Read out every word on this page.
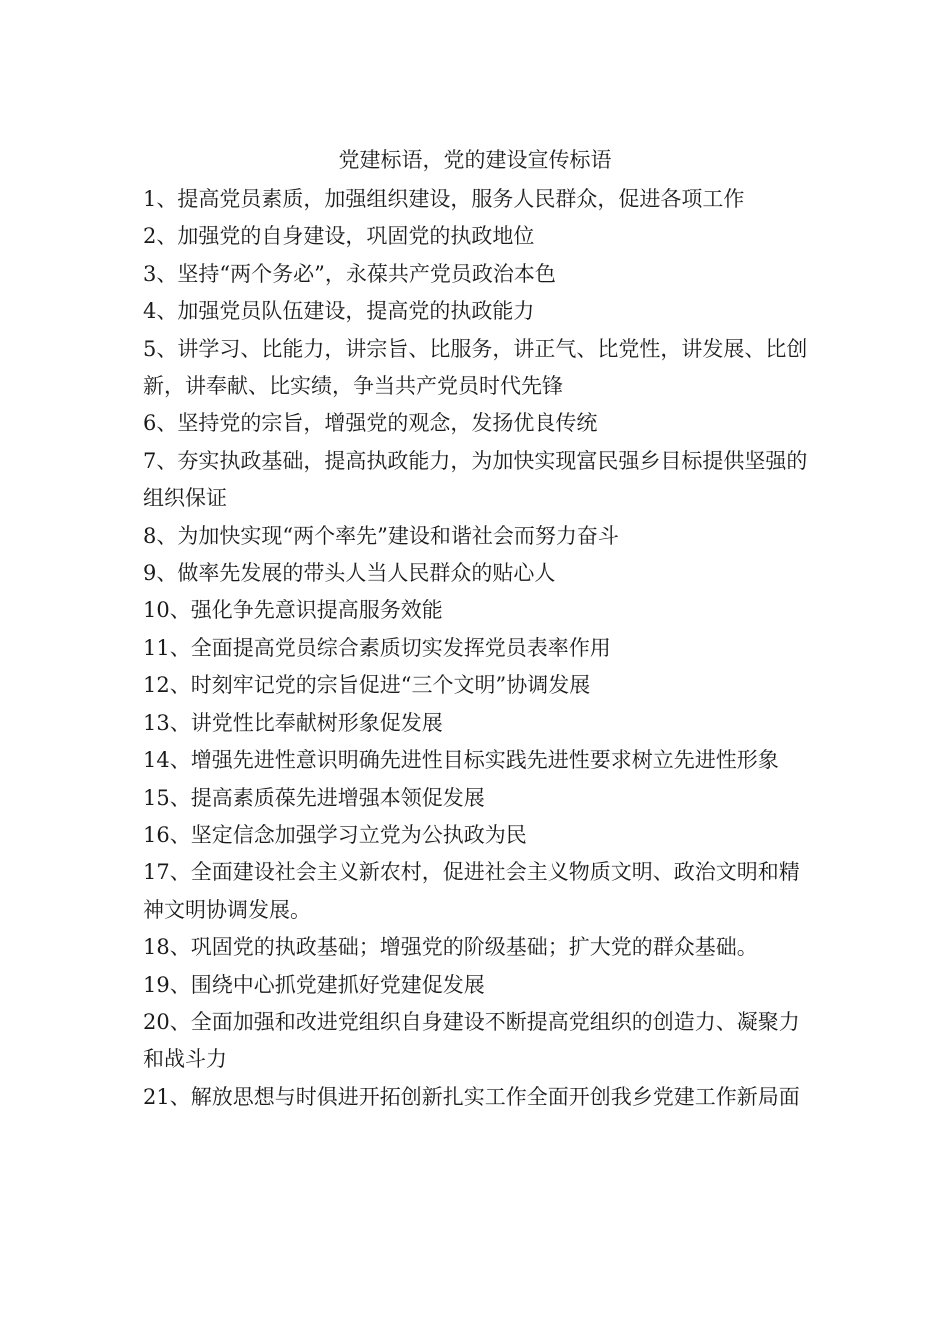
党建标语，党的建设宣传标语
1、提高党员素质，加强组织建设，服务人民群众，促进各项工作
2、加强党的自身建设，巩固党的执政地位
3、坚持“两个务必”，永葆共产党员政治本色
4、加强党员队伍建设，提高党的执政能力
5、讲学习、比能力，讲宗旨、比服务，讲正气、比党性，讲发展、比创新，讲奉献、比实绩，争当共产党员时代先锋
6、坚持党的宗旨，增强党的观念，发扬优良传统
7、夯实执政基础，提高执政能力，为加快实现富民强乡目标提供坚强的组织保证
8、为加快实现“两个率先”建设和谐社会而努力奋斗
9、做率先发展的带头人当人民群众的贴心人
10、强化争先意识提高服务效能
11、全面提高党员综合素质切实发挥党员表率作用
12、时刻牢记党的宗旨促进“三个文明”协调发展
13、讲党性比奉献树形象促发展
14、增强先进性意识明确先进性目标实践先进性要求树立先进性形象
15、提高素质葆先进增强本领促发展
16、坚定信念加强学习立党为公执政为民
17、全面建设社会主义新农村，促进社会主义物质文明、政治文明和精神文明协调发展。
18、巩固党的执政基础；增强党的阶级基础；扩大党的群众基础。
19、围绕中心抓党建抓好党建促发展
20、全面加强和改进党组织自身建设不断提高党组织的创造力、凝聚力和战斗力
21、解放思想与时俱进开拓创新扎实工作全面开创我乡党建工作新局面
